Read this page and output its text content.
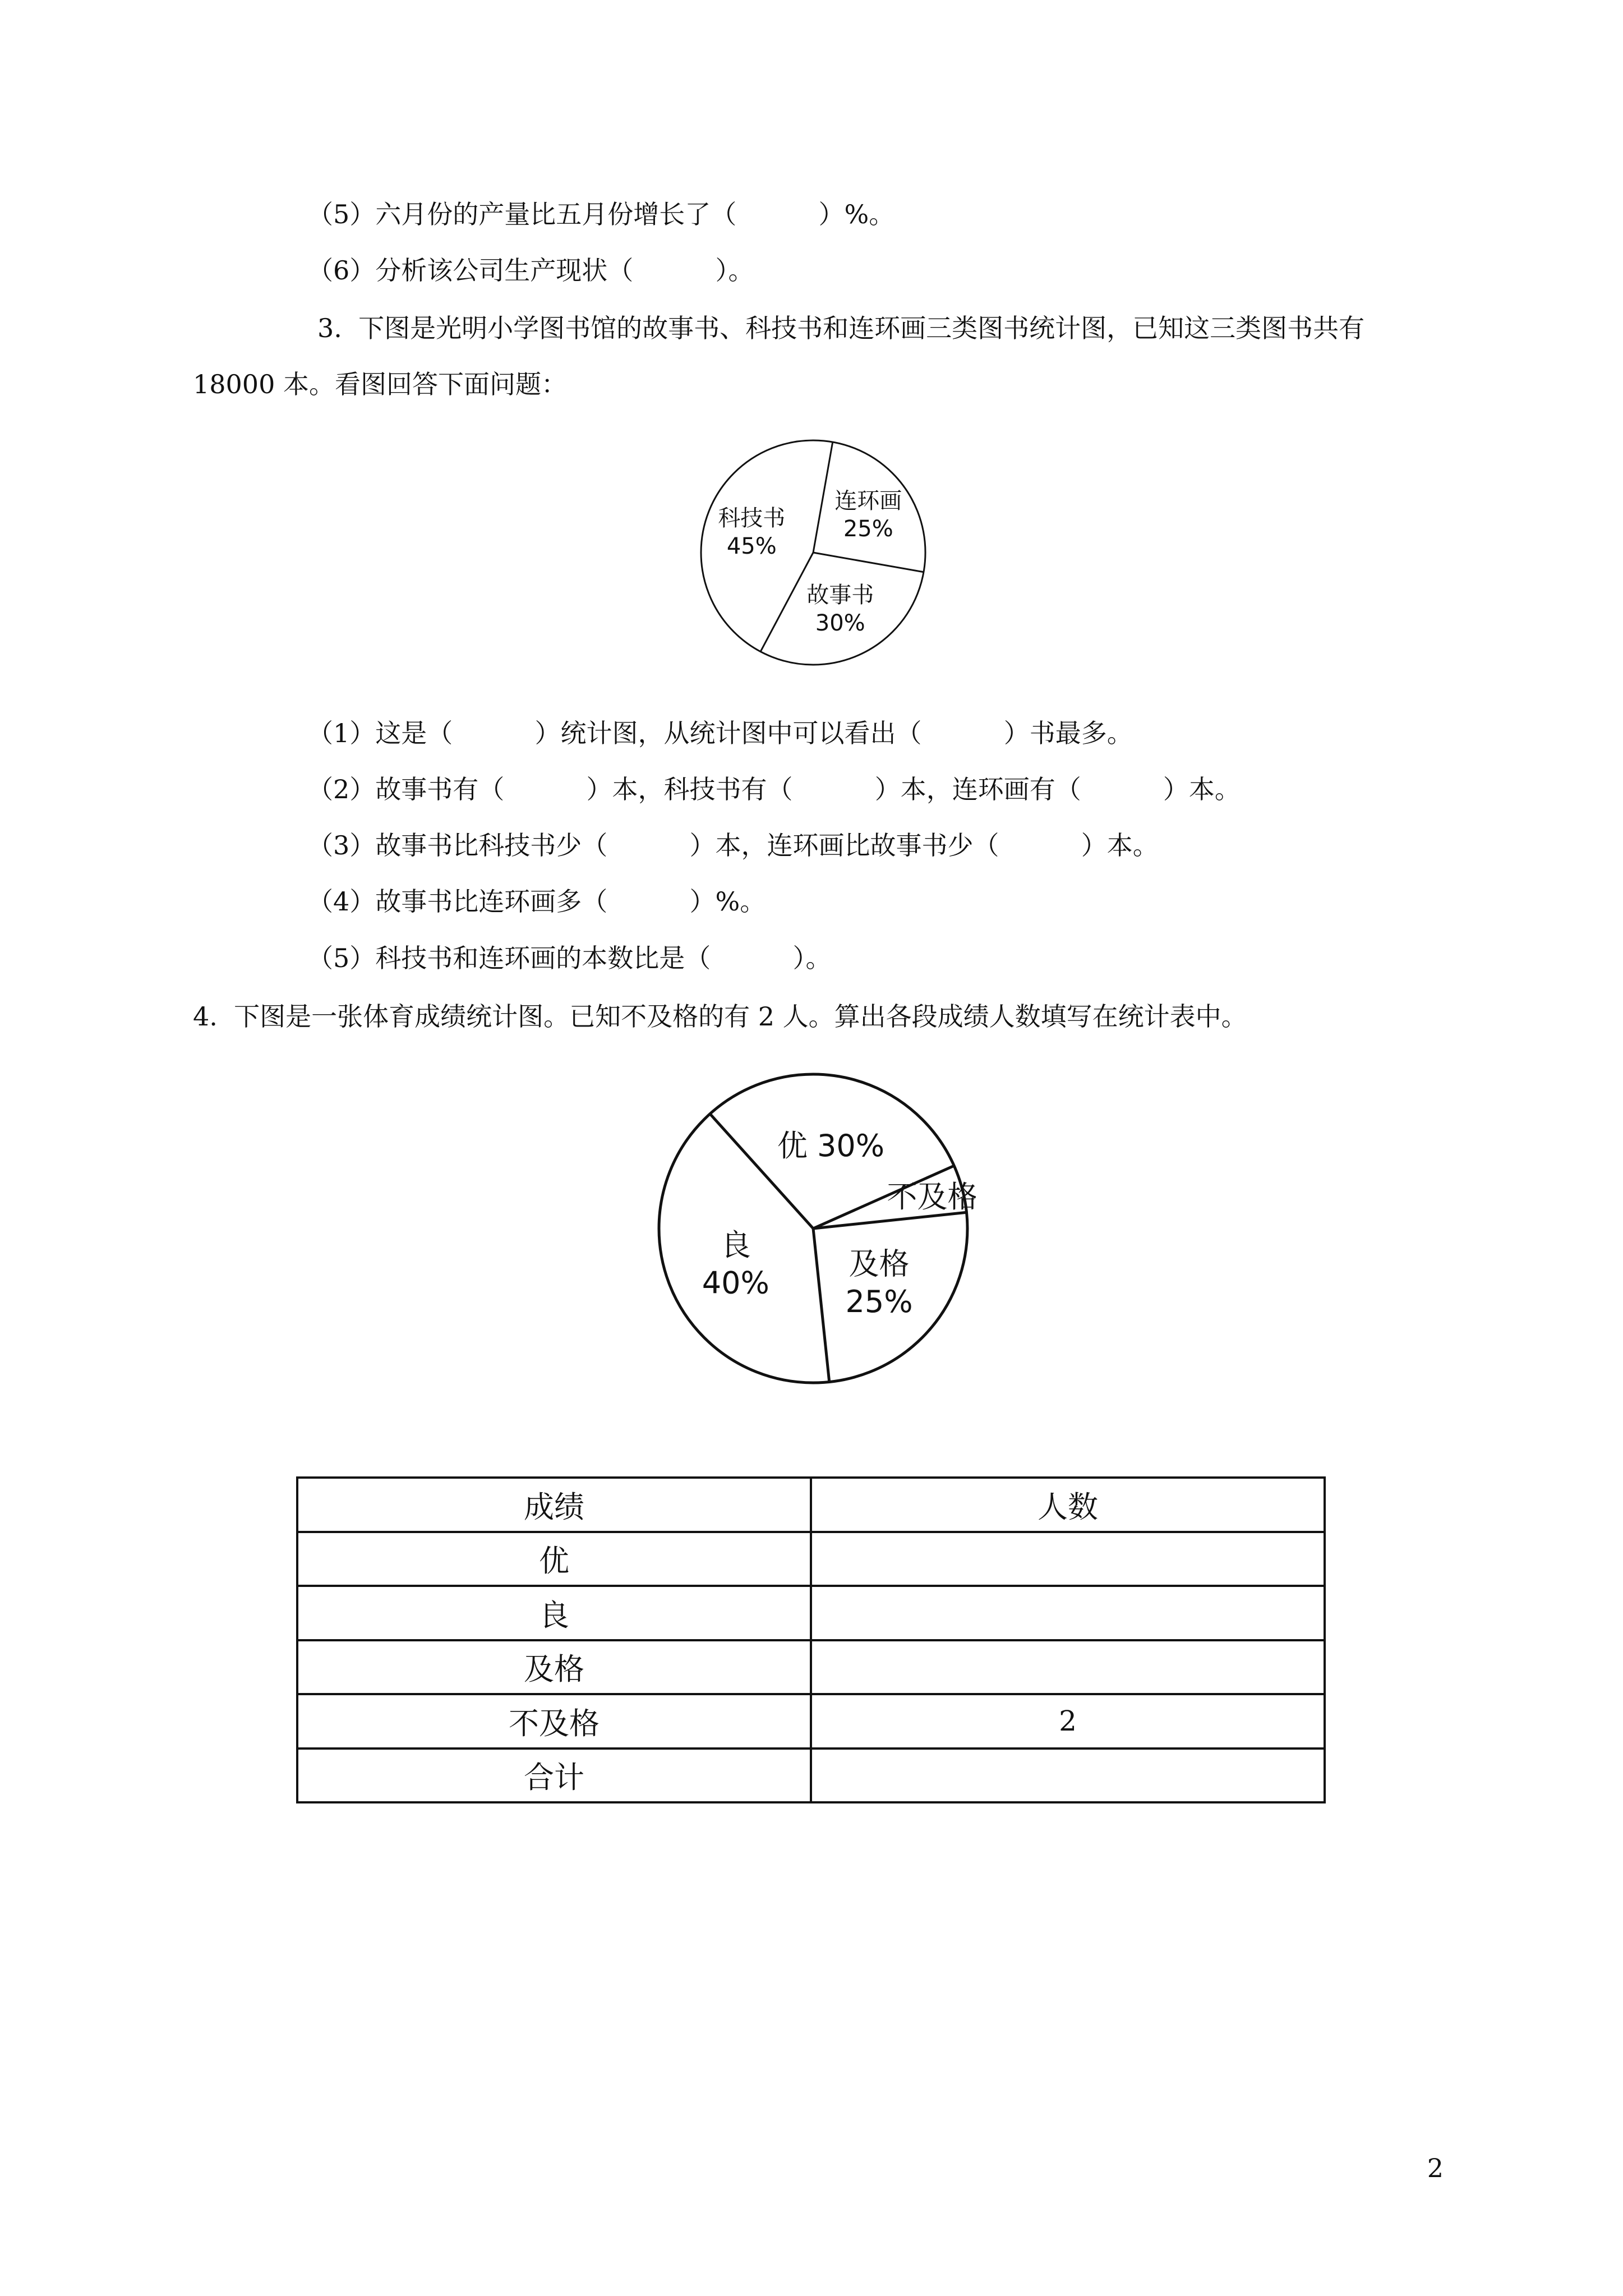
（5）六月份的产量比五月份增长了（          ）%。
（6）分析该公司生产现状（          ）。
3.  下图是光明小学图书馆的故事书、科技书和连环画三类图书统计图，已知这三类图书共有
18000 本。看图回答下面问题：
科技书
45%
连环画
25%
故事书
30%
（1）这是（          ）统计图，从统计图中可以看出（          ）书最多。
（2）故事书有（          ）本，科技书有（          ）本，连环画有（          ）本。
（3）故事书比科技书少（          ）本，连环画比故事书少（          ）本。
（4）故事书比连环画多（          ）%。
（5）科技书和连环画的本数比是（          ）。
4.  下图是一张体育成绩统计图。已知不及格的有 2 人。算出各段成绩人数填写在统计表中。
优 30%
不及格
及格
25%
良
40%
成绩	人数
优	
良	
及格	
不及格	2
合计	
2
